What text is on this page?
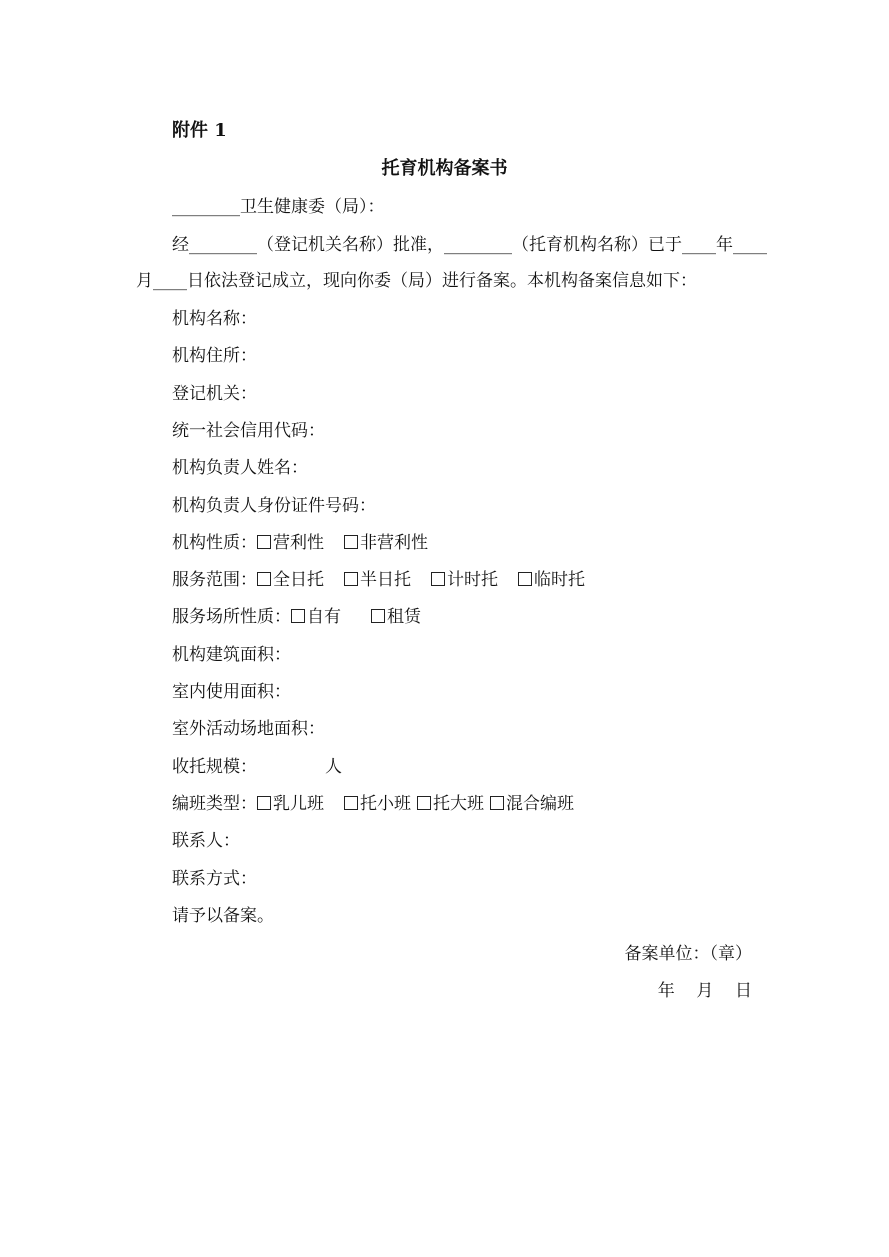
附件 1
托育机构备案书
________卫生健康委（局）：
经________（登记机关名称）批准，________（托育机构名称）已于____年____
月____日依法登记成立，现向你委（局）进行备案。本机构备案信息如下：
机构名称：
机构住所：
登记机关：
统一社会信用代码：
机构负责人姓名：
机构负责人身份证件号码：
机构性质： 营利性 非营利性
服务范围： 全日托 半日托 计时托 临时托
服务场所性质： 自有	租赁
机构建筑面积：
室内使用面积：
室外活动场地面积：
收托规模：	人
编班类型： 乳儿班 托小班 托大班 混合编班
联系人：
联系方式：
请予以备案。
备案单位：（章）
年    月    日
